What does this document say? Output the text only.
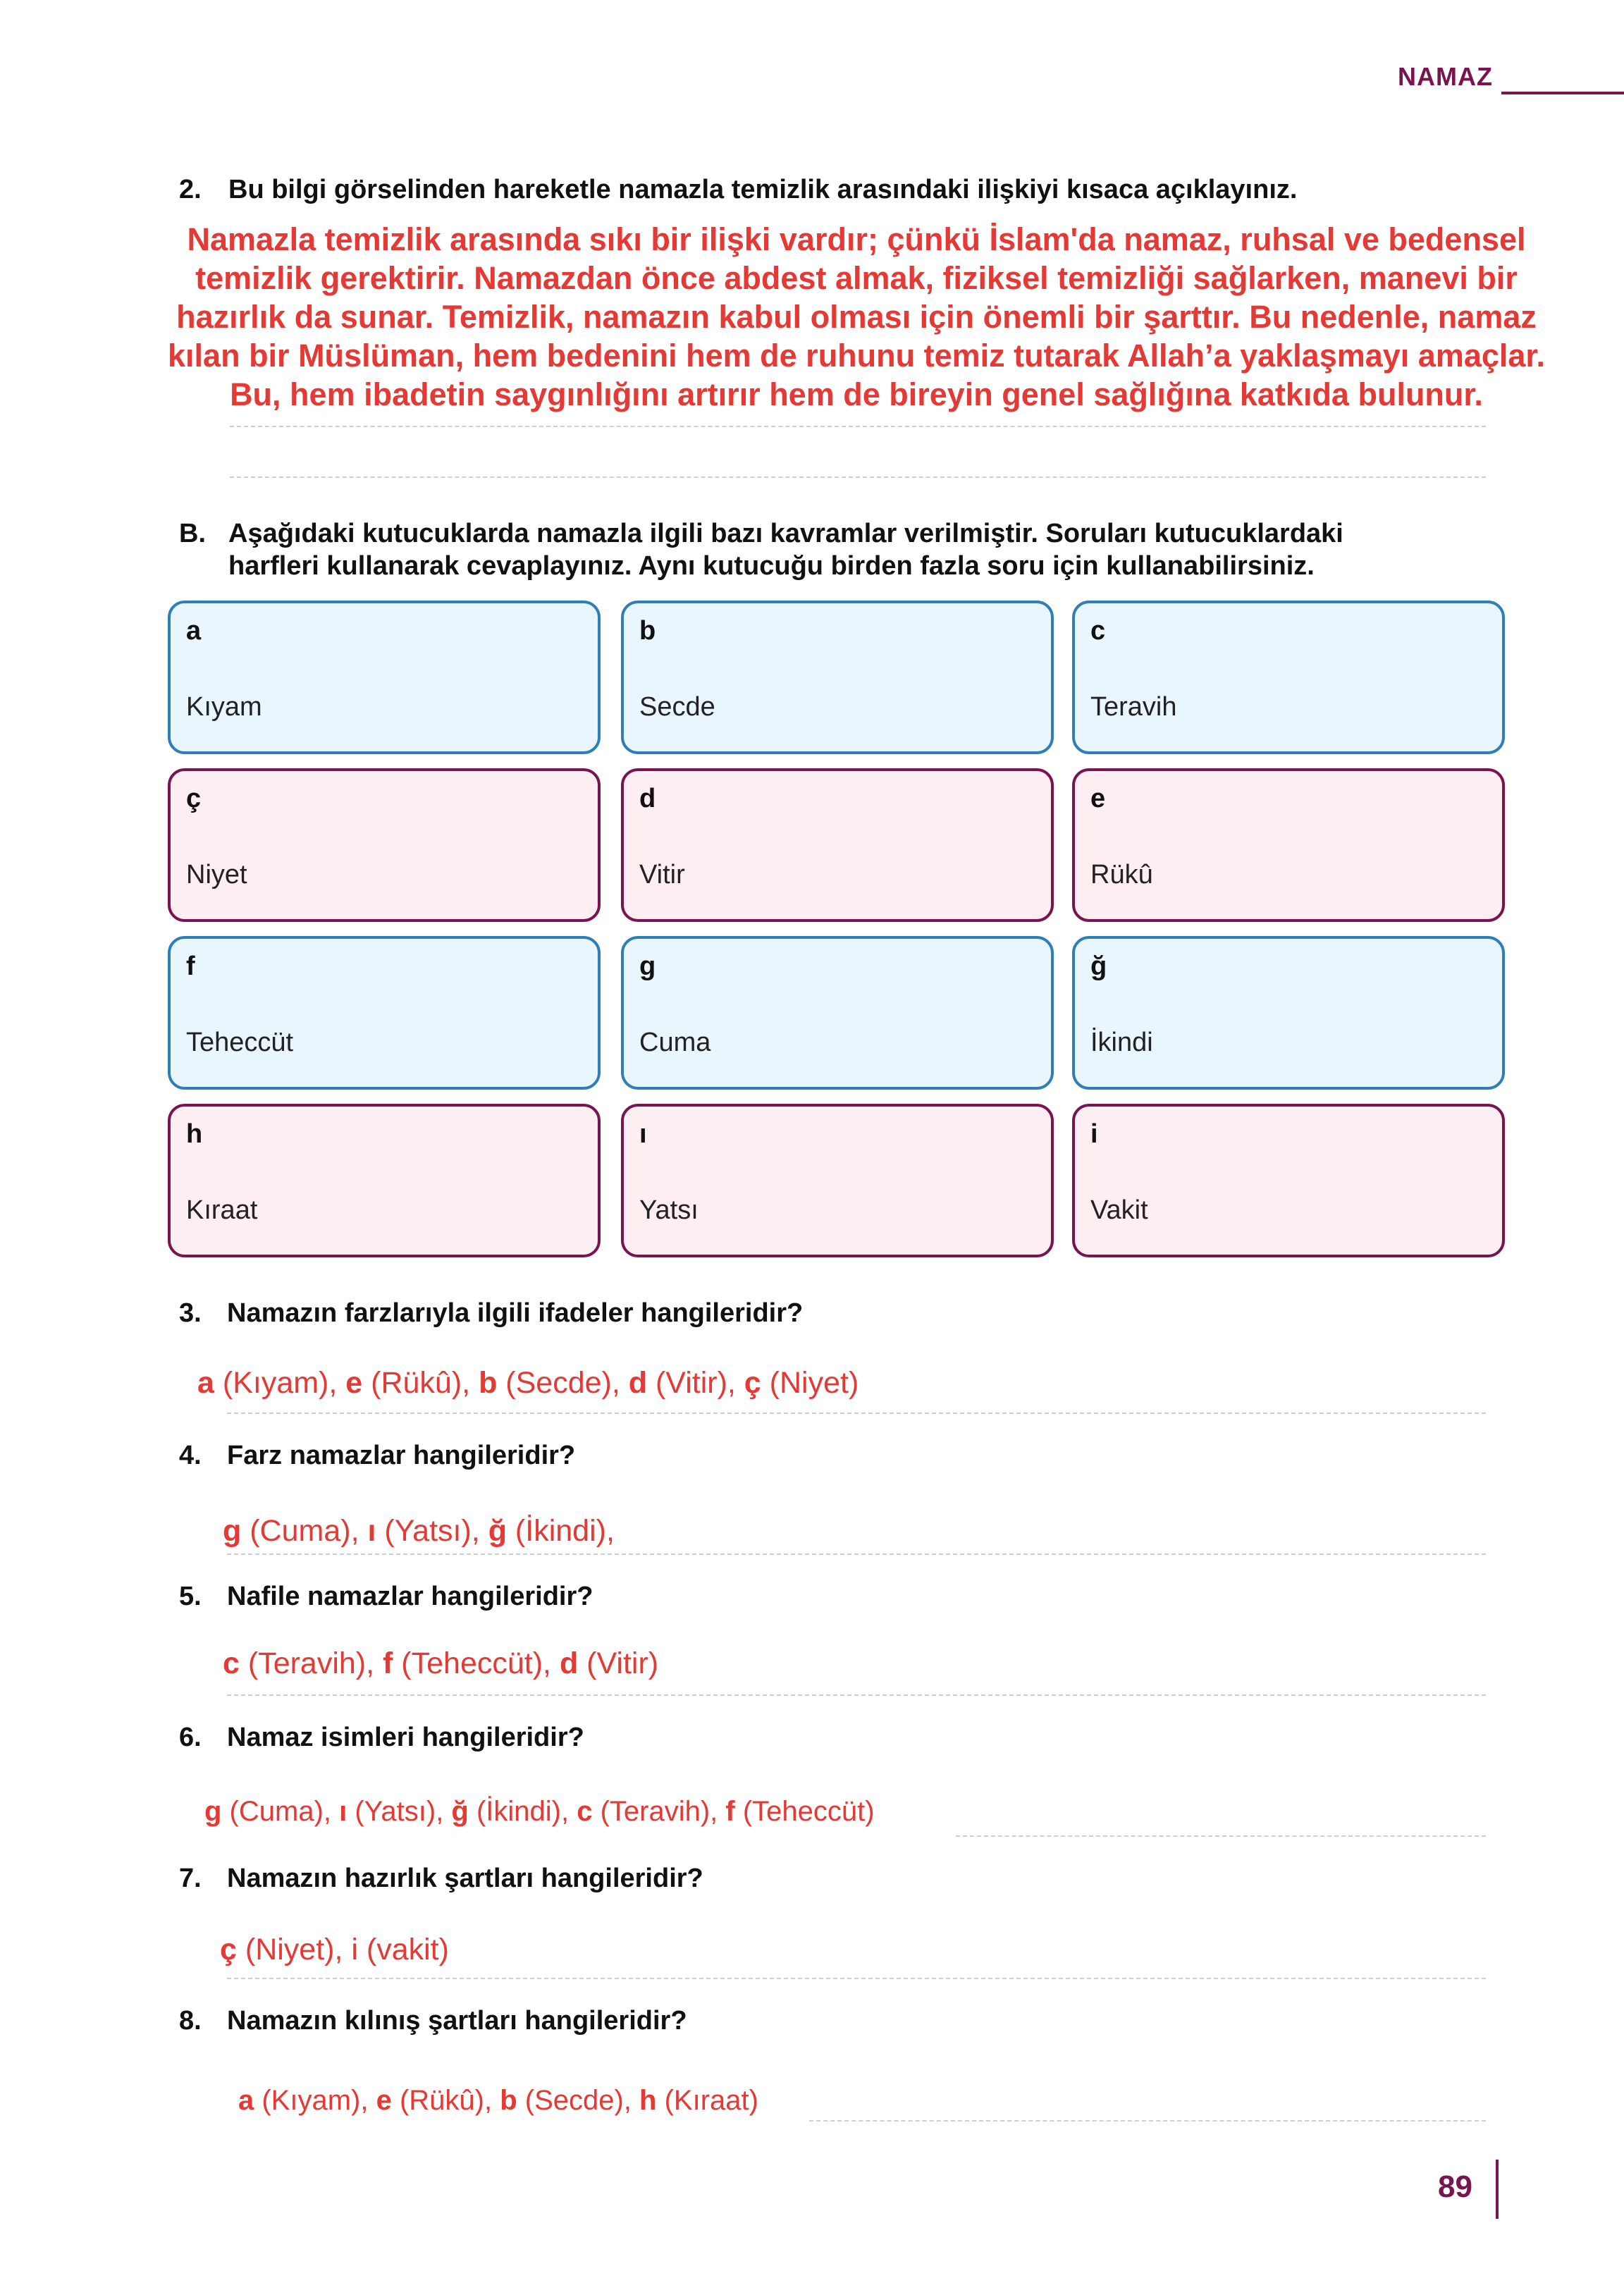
NAMAZ
2. Bu bilgi görselinden hareketle namazla temizlik arasındaki ilişkiyi kısaca açıklayınız.
Namazla temizlik arasında sıkı bir ilişki vardır; çünkü İslam'da namaz, ruhsal ve bedensel
temizlik gerektirir. Namazdan önce abdest almak, fiziksel temizliği sağlarken, manevi bir
hazırlık da sunar. Temizlik, namazın kabul olması için önemli bir şarttır. Bu nedenle, namaz
kılan bir Müslüman, hem bedenini hem de ruhunu temiz tutarak Allah’a yaklaşmayı amaçlar.
Bu, hem ibadetin saygınlığını artırır hem de bireyin genel sağlığına katkıda bulunur.
B. Aşağıdaki kutucuklarda namazla ilgili bazı kavramlar verilmiştir. Soruları kutucuklardaki
harfleri kullanarak cevaplayınız. Aynı kutucuğu birden fazla soru için kullanabilirsiniz.
a
Kıyam
b
Secde
c
Teravih
ç
Niyet
d
Vitir
e
Rükû
f
Teheccüt
g
Cuma
ğ
İkindi
h
Kıraat
ı
Yatsı
i
Vakit
3. Namazın farzlarıyla ilgili ifadeler hangileridir?
a (Kıyam), e (Rükû), b (Secde), d (Vitir), ç (Niyet)
4. Farz namazlar hangileridir?
g (Cuma), ı (Yatsı), ğ (İkindi),
5. Nafile namazlar hangileridir?
c (Teravih), f (Teheccüt), d (Vitir)
6. Namaz isimleri hangileridir?
g (Cuma), ı (Yatsı), ğ (İkindi), c (Teravih), f (Teheccüt)
7. Namazın hazırlık şartları hangileridir?
ç (Niyet), i (vakit)
8. Namazın kılınış şartları hangileridir?
a (Kıyam), e (Rükû), b (Secde), h (Kıraat)
89
